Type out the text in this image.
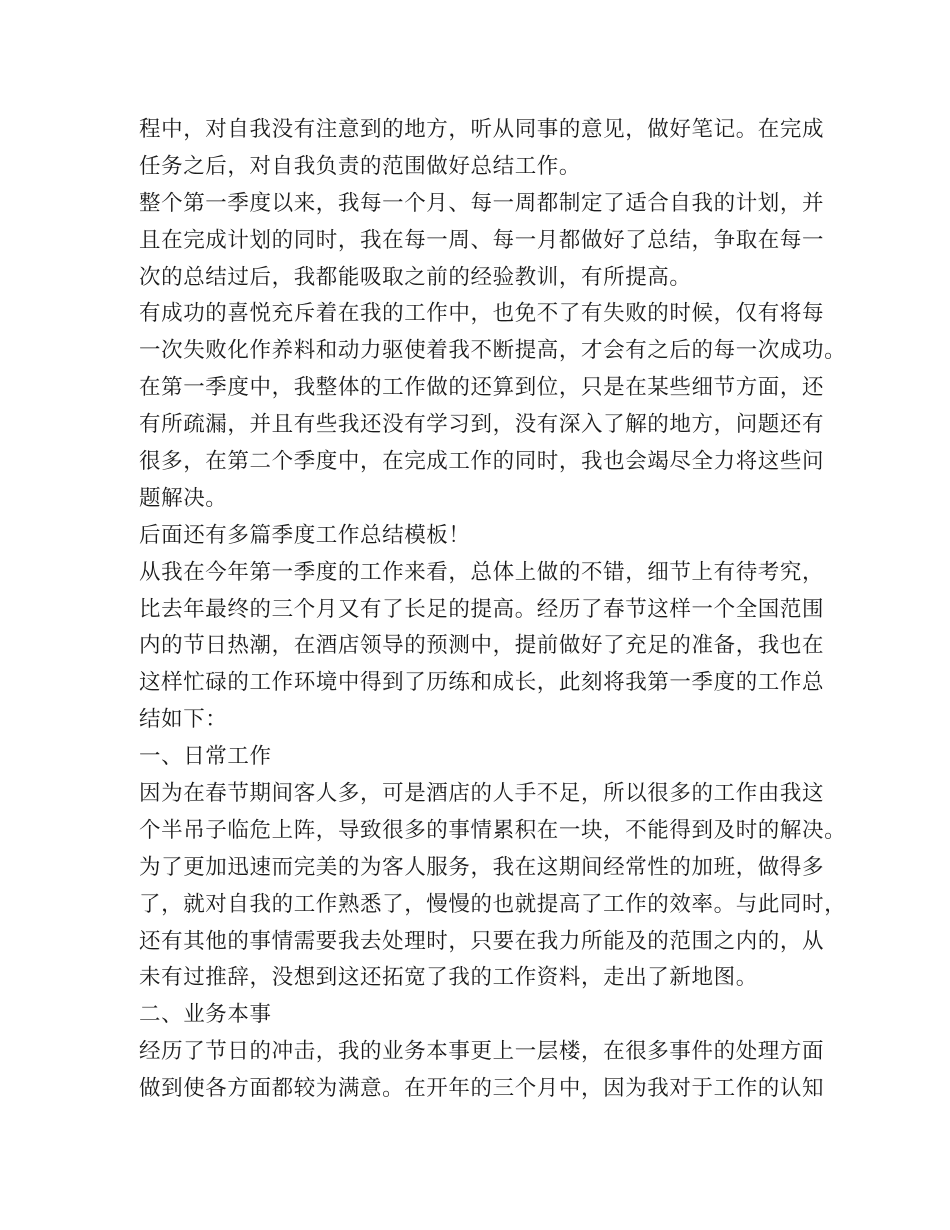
程中，对自我没有注意到的地方，听从同事的意见，做好笔记。在完成
任务之后，对自我负责的范围做好总结工作。
整个第一季度以来，我每一个月、每一周都制定了适合自我的计划，并
且在完成计划的同时，我在每一周、每一月都做好了总结，争取在每一
次的总结过后，我都能吸取之前的经验教训，有所提高。
有成功的喜悦充斥着在我的工作中，也免不了有失败的时候，仅有将每
一次失败化作养料和动力驱使着我不断提高，才会有之后的每一次成功。
在第一季度中，我整体的工作做的还算到位，只是在某些细节方面，还
有所疏漏，并且有些我还没有学习到，没有深入了解的地方，问题还有
很多，在第二个季度中，在完成工作的同时，我也会竭尽全力将这些问
题解决。
后面还有多篇季度工作总结模板！
从我在今年第一季度的工作来看，总体上做的不错，细节上有待考究，
比去年最终的三个月又有了长足的提高。经历了春节这样一个全国范围
内的节日热潮，在酒店领导的预测中，提前做好了充足的准备，我也在
这样忙碌的工作环境中得到了历练和成长，此刻将我第一季度的工作总
结如下：
一、日常工作
因为在春节期间客人多，可是酒店的人手不足，所以很多的工作由我这
个半吊子临危上阵，导致很多的事情累积在一块，不能得到及时的解决。
为了更加迅速而完美的为客人服务，我在这期间经常性的加班，做得多
了，就对自我的工作熟悉了，慢慢的也就提高了工作的效率。与此同时，
还有其他的事情需要我去处理时，只要在我力所能及的范围之内的，从
未有过推辞，没想到这还拓宽了我的工作资料，走出了新地图。
二、业务本事
经历了节日的冲击，我的业务本事更上一层楼，在很多事件的处理方面
做到使各方面都较为满意。在开年的三个月中，因为我对于工作的认知
